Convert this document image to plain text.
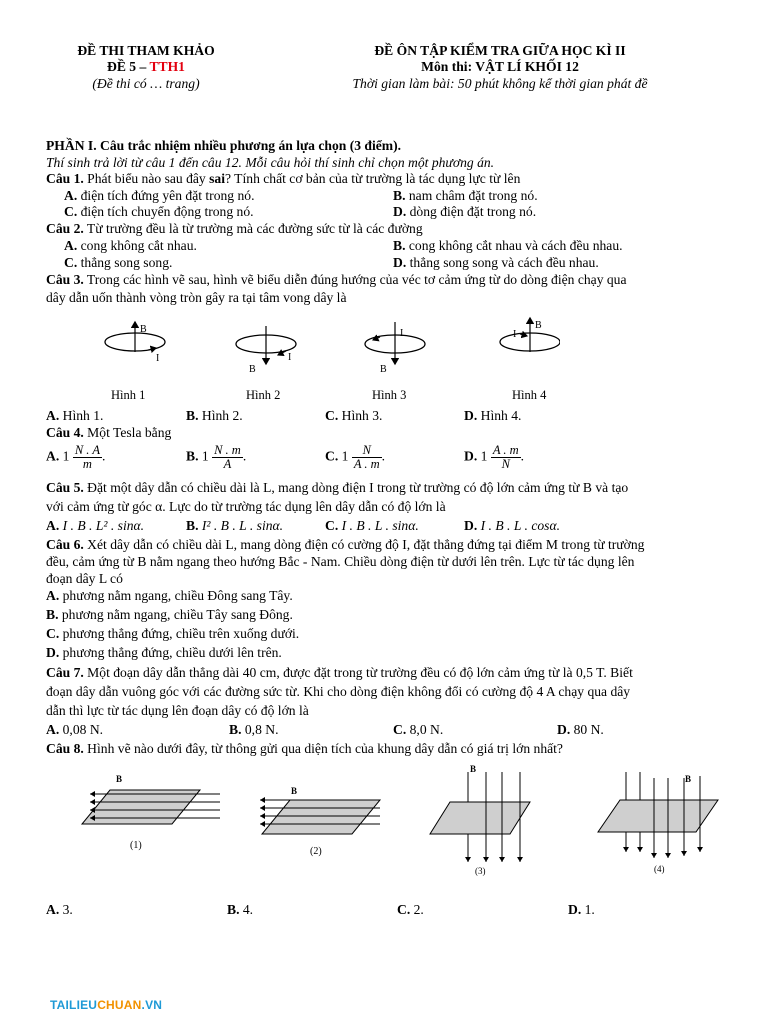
ĐỀ THI THAM KHẢO
ĐỀ 5 – TTH1
(Đề thi có … trang)
ĐỀ ÔN TẬP KIỂM TRA GIỮA HỌC KÌ II
Môn thi: VẬT LÍ KHỐI 12
Thời gian làm bài: 50 phút không kể thời gian phát đề
PHẦN I. Câu trắc nhiệm nhiều phương án lựa chọn (3 điểm).
Thí sinh trả lời từ câu 1 đến câu 12. Mỗi câu hỏi thí sinh chỉ chọn một phương án.
Câu 1. Phát biểu nào sau đây sai? Tính chất cơ bản của từ trường là tác dụng lực từ lên
A. điện tích đứng yên đặt trong nó.	B. nam châm đặt trong nó.
C. điện tích chuyển động trong nó.	D. dòng điện đặt trong nó.
Câu 2. Từ trường đều là từ trường mà các đường sức từ là các đường
A. cong không cắt nhau.	B. cong không cắt nhau và cách đều nhau.
C. thẳng song song.	D. thẳng song song và cách đều nhau.
Câu 3. Trong các hình vẽ sau, hình vẽ biểu diễn đúng hướng của véc tơ cảm ứng từ do dòng điện chạy qua
dây dẫn uốn thành vòng tròn gây ra tại tâm vong dây là
B
I	I
B
I
B
I
B
Hình 1	Hình 2	Hình 3	Hình 4
A. Hình 1.	B. Hình 2.	C. Hình 3.	D. Hình 4.
Câu 4. Một Tesla bằng
A. $1 \frac{N . A}{m}$ .	B. $1 \frac{N . m}{A}$ .	C. $1 \frac{N}{A . m}$ .	D. $1 \frac{A . m}{N}$ .
Câu 5. Đặt một dây dẫn có chiều dài là L, mang dòng điện I trong từ trường có độ lớn cảm ứng từ B và tạo
với cảm ứng từ góc α. Lực do từ trường tác dụng lên dây dẫn có độ lớn là
A. I . B . L² . sinα.	B. I² . B . L . sinα.	C. I . B . L . sinα.	D. I . B . L . cosα.
Câu 6. Xét dây dẫn có chiều dài L, mang dòng điện có cường độ I, đặt thẳng đứng tại điểm M trong từ trường
đều, cảm ứng từ B nằm ngang theo hướng Bắc - Nam. Chiều dòng điện từ dưới lên trên. Lực từ tác dụng lên
đoạn dây L có
A. phương nằm ngang, chiều Đông sang Tây.
B. phương nằm ngang, chiều Tây sang Đông.
C. phương thẳng đứng, chiều trên xuống dưới.
D. phương thẳng đứng, chiều dưới lên trên.
Câu 7. Một đoạn dây dẫn thẳng dài 40 cm, được đặt trong từ trường đều có độ lớn cảm ứng từ là 0,5 T. Biết
đoạn dây dẫn vuông góc với các đường sức từ. Khi cho dòng điện không đổi có cường độ 4 A chạy qua dây
dẫn thì lực từ tác dụng lên đoạn dây có độ lớn là
A. 0,08 N.	B. 0,8 N.	C. 8,0 N.	D. 80 N.
Câu 8. Hình vẽ nào dưới đây, từ thông gửi qua diện tích của khung dây dẫn có giá trị lớn nhất?
B
(1)
B
(2)
B
(3)
B
(4)
A. 3.	B. 4.	C. 2.	D. 1.
TAILIEUCHUAN.VN
